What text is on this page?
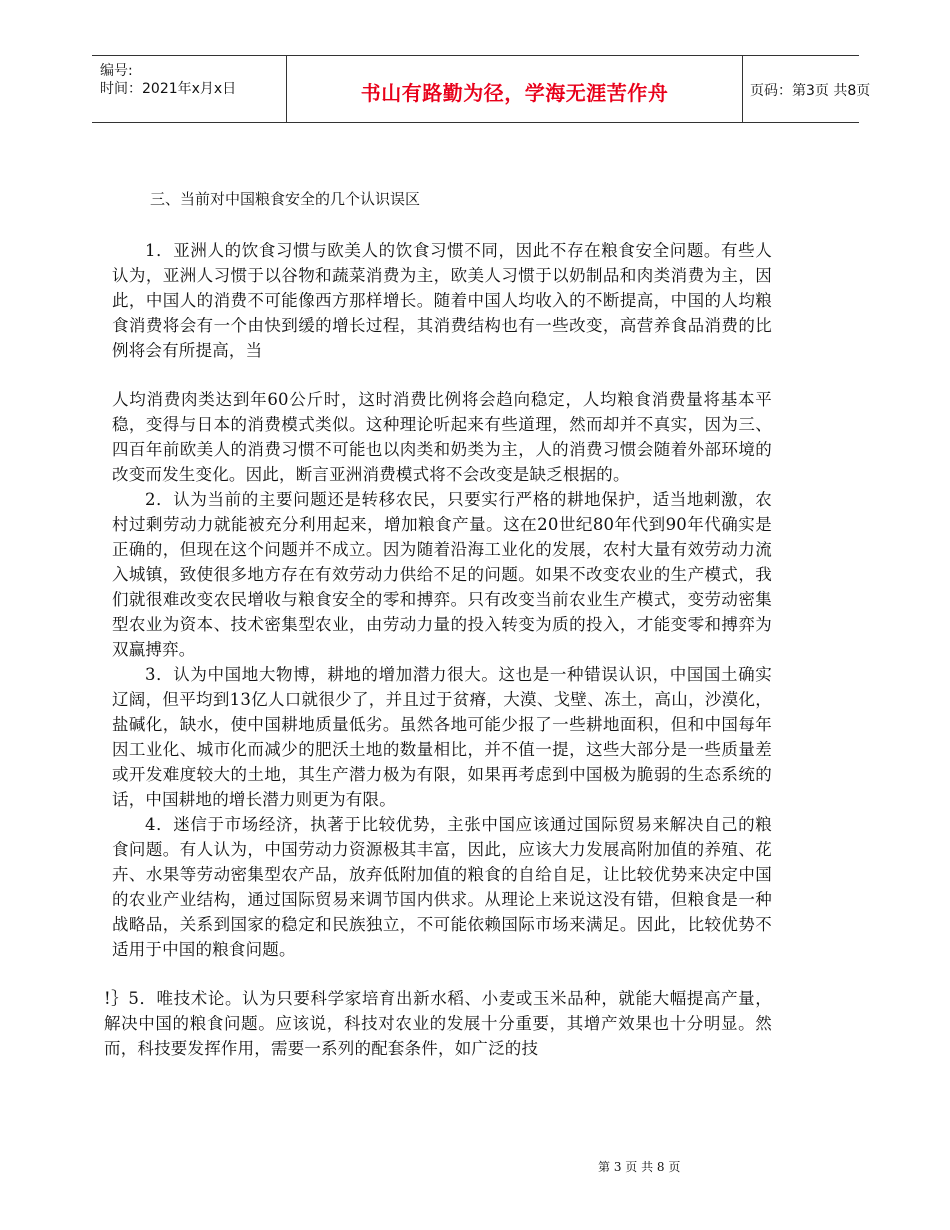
编号:
时间：2021年x月x日	书山有路勤为径，学海无涯苦作舟	页码：第3页 共8页
三、当前对中国粮食安全的几个认识误区

1．亚洲人的饮食习惯与欧美人的饮食习惯不同，因此不存在粮食安全问题。有些人认为，亚洲人习惯于以谷物和蔬菜消费为主，欧美人习惯于以奶制品和肉类消费为主，因此，中国人的消费不可能像西方那样增长。随着中国人均收入的不断提高，中国的人均粮食消费将会有一个由快到缓的增长过程，其消费结构也有一些改变，高营养食品消费的比例将会有所提高，当

人均消费肉类达到年60公斤时，这时消费比例将会趋向稳定，人均粮食消费量将基本平稳，变得与日本的消费模式类似。这种理论听起来有些道理，然而却并不真实，因为三、四百年前欧美人的消费习惯不可能也以肉类和奶类为主，人的消费习惯会随着外部环境的改变而发生变化。因此，断言亚洲消费模式将不会改变是缺乏根据的。

2．认为当前的主要问题还是转移农民，只要实行严格的耕地保护，适当地刺激，农村过剩劳动力就能被充分利用起来，增加粮食产量。这在20世纪80年代到90年代确实是正确的，但现在这个问题并不成立。因为随着沿海工业化的发展，农村大量有效劳动力流入城镇，致使很多地方存在有效劳动力供给不足的问题。如果不改变农业的生产模式，我们就很难改变农民增收与粮食安全的零和搏弈。只有改变当前农业生产模式，变劳动密集型农业为资本、技术密集型农业，由劳动力量的投入转变为质的投入，才能变零和搏弈为双赢搏弈。

3．认为中国地大物博，耕地的增加潜力很大。这也是一种错误认识，中国国土确实辽阔，但平均到13亿人口就很少了，并且过于贫瘠，大漠、戈壁、冻土，高山，沙漠化，盐碱化，缺水，使中国耕地质量低劣。虽然各地可能少报了一些耕地面积，但和中国每年因工业化、城市化而减少的肥沃土地的数量相比，并不值一提，这些大部分是一些质量差或开发难度较大的土地，其生产潜力极为有限，如果再考虑到中国极为脆弱的生态系统的话，中国耕地的增长潜力则更为有限。

4．迷信于市场经济，执著于比较优势，主张中国应该通过国际贸易来解决自己的粮食问题。有人认为，中国劳动力资源极其丰富，因此，应该大力发展高附加值的养殖、花卉、水果等劳动密集型农产品，放弃低附加值的粮食的自给自足，让比较优势来决定中国的农业产业结构，通过国际贸易来调节国内供求。从理论上来说这没有错，但粮食是一种战略品，关系到国家的稳定和民族独立，不可能依赖国际市场来满足。因此，比较优势不适用于中国的粮食问题。

!｝5．唯技术论。认为只要科学家培育出新水稻、小麦或玉米品种，就能大幅提高产量，解决中国的粮食问题。应该说，科技对农业的发展十分重要，其增产效果也十分明显。然而，科技要发挥作用，需要一系列的配套条件，如广泛的技

第 3 页 共 8 页
